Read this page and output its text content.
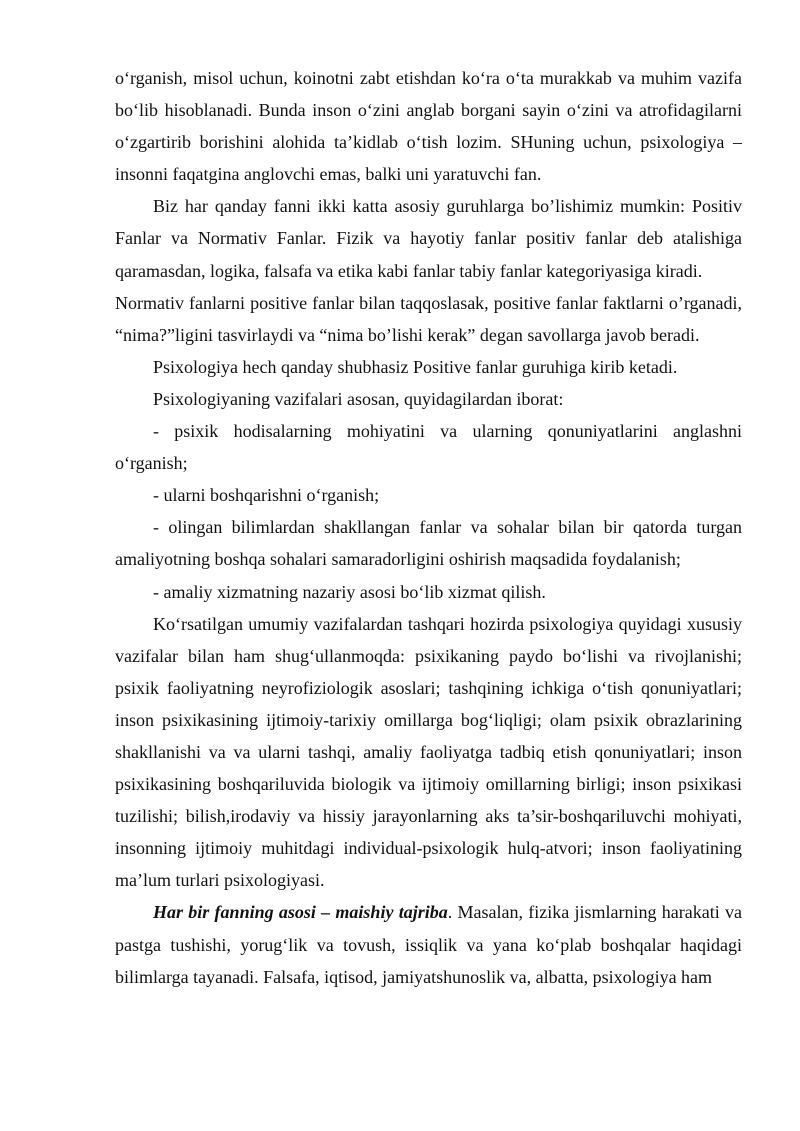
o‘rganish, misol uchun, koinotni zabt etishdan ko‘ra o‘ta murakkab va muhim vazifa bo‘lib hisoblanadi. Bunda inson o‘zini anglab borgani sayin o‘zini va atrofidagilarni o‘zgartirib borishini alohida ta’kidlab o‘tish lozim. SHuning uchun, psixologiya – insonni faqatgina anglovchi emas, balki uni yaratuvchi fan.

Biz har qanday fanni ikki katta asosiy guruhlarga bo’lishimiz mumkin: Positiv Fanlar va Normativ Fanlar. Fizik va hayotiy fanlar positiv fanlar deb atalishiga qaramasdan, logika, falsafa va etika kabi fanlar tabiy fanlar kategoriyasiga kiradi.

Normativ fanlarni positive fanlar bilan taqqoslasak, positive fanlar faktlarni o’rganadi, “nima?”ligini tasvirlaydi va “nima bo’lishi kerak” degan savollarga javob beradi.

Psixologiya hech qanday shubhasiz Positive fanlar guruhiga kirib ketadi.

Psixologiyaning vazifalari asosan, quyidagilardan iborat:

- psixik hodisalarning mohiyatini va ularning qonuniyatlarini anglashni o‘rganish;

- ularni boshqarishni o‘rganish;

- olingan bilimlardan shakllangan fanlar va sohalar bilan bir qatorda turgan amaliyotning boshqa sohalari samaradorligini oshirish maqsadida foydalanish;

- amaliy xizmatning nazariy asosi bo‘lib xizmat qilish.

Ko‘rsatilgan umumiy vazifalardan tashqari hozirda psixologiya quyidagi xususiy vazifalar bilan ham shug‘ullanmoqda: psixikaning paydo bo‘lishi va rivojlanishi; psixik faoliyatning neyrofiziologik asoslari; tashqining ichkiga o‘tish qonuniyatlari; inson psixikasining ijtimoiy-tarixiy omillarga bog‘liqligi; olam psixik obrazlarining shakllanishi va va ularni tashqi, amaliy faoliyatga tadbiq etish qonuniyatlari; inson psixikasining boshqariluvida biologik va ijtimoiy omillarning birligi; inson psixikasi tuzilishi; bilish,irodaviy va hissiy jarayonlarning aks ta’sir-boshqariluvchi mohiyati, insonning ijtimoiy muhitdagi individual-psixologik hulq-atvori; inson faoliyatining ma’lum turlari psixologiyasi.

Har bir fanning asosi – maishiy tajriba. Masalan, fizika jismlarning harakati va pastga tushishi, yorug‘lik va tovush, issiqlik va yana ko‘plab boshqalar haqidagi bilimlarga tayanadi. Falsafa, iqtisod, jamiyatshunoslik va, albatta, psixologiya ham
